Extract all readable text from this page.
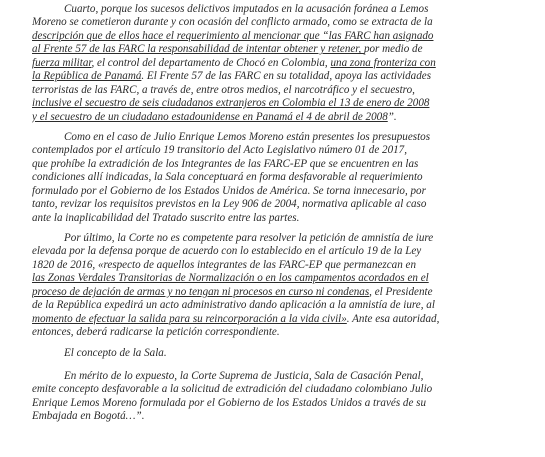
Cuarto, porque los sucesos delictivos imputados en la acusación foránea a Lemos
Moreno se cometieron durante y con ocasión del conflicto armado, como se extracta de la
descripción que de ellos hace el requerimiento al mencionar que “las FARC han asignado
al Frente 57 de las FARC la responsabilidad de intentar obtener y retener, por medio de
fuerza militar, el control del departamento de Chocó en Colombia, una zona fronteriza con
la República de Panamá. El Frente 57 de las FARC en su totalidad, apoya las actividades
terroristas de las FARC, a través de, entre otros medios, el narcotráfico y el secuestro,
inclusive el secuestro de seis ciudadanos extranjeros en Colombia el 13 de enero de 2008
y el secuestro de un ciudadano estadounidense en Panamá el 4 de abril de 2008”.
Como en el caso de Julio Enrique Lemos Moreno están presentes los presupuestos
contemplados por el artículo 19 transitorio del Acto Legislativo número 01 de 2017,
que prohíbe la extradición de los Integrantes de las FARC-EP que se encuentren en las
condiciones allí indicadas, la Sala conceptuará en forma desfavorable al requerimiento
formulado por el Gobierno de los Estados Unidos de América. Se torna innecesario, por
tanto, revizar los requisitos previstos en la Ley 906 de 2004, normativa aplicable al caso
ante la inaplicabilidad del Tratado suscrito entre las partes.
Por último, la Corte no es competente para resolver la petición de amnistía de iure
elevada por la defensa porque de acuerdo con lo establecido en el artículo 19 de la Ley
1820 de 2016, «respecto de aquellos integrantes de las FARC-EP que permanezcan en
las Zonas Verdales Transitorias de Normalización o en los campamentos acordados en el
proceso de dejación de armas y no tengan ni procesos en curso ni condenas, el Presidente
de la República expedirá un acto administrativo dando aplicación a la amnistía de iure, al
momento de efectuar la salida para su reincorporación a la vida civil». Ante esa autoridad,
entonces, deberá radicarse la petición correspondiente.
El concepto de la Sala.
En mérito de lo expuesto, la Corte Suprema de Justicia, Sala de Casación Penal,
emite concepto desfavorable a la solicitud de extradición del ciudadano colombiano Julio
Enrique Lemos Moreno formulada por el Gobierno de los Estados Unidos a través de su
Embajada en Bogotá…”.
